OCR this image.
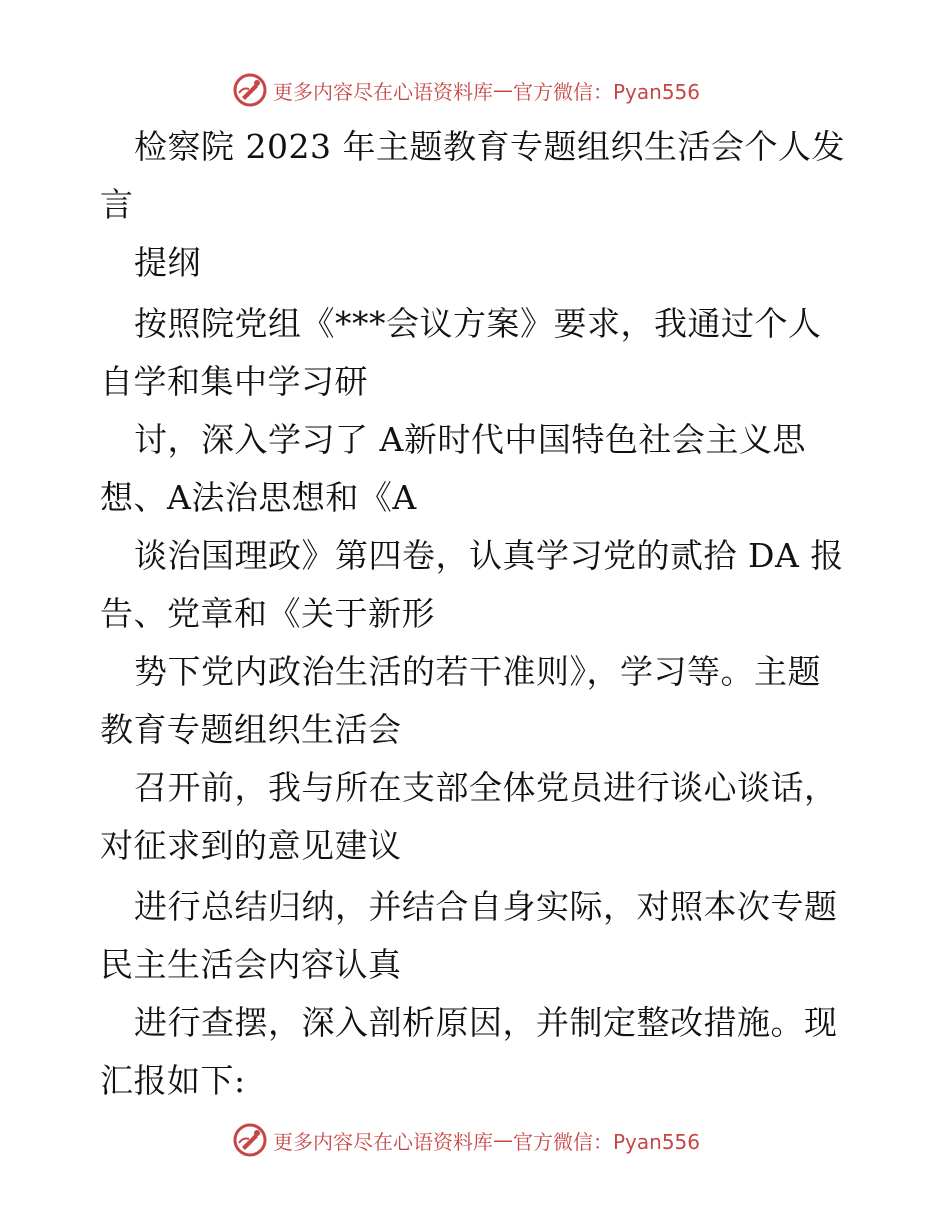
更多内容尽在心语资料库 — 官方微信：Pyan556
检察院 2023 年主题教育专题组织生活会个人发
言
提纲
按照院党组《***会议方案》要求，我通过个人
自学和集中学习研
讨，深入学习了 A新时代中国特色社会主义思
想、A法治思想和《A
谈治国理政》第四卷，认真学习党的贰拾 DA 报
告、党章和《关于新形
势下党内政治生活的若干准则》，学习等。主题
教育专题组织生活会
召开前，我与所在支部全体党员进行谈心谈话，
对征求到的意见建议
进行总结归纳，并结合自身实际，对照本次专题
民主生活会内容认真
进行查摆，深入剖析原因，并制定整改措施。现
汇报如下:
更多内容尽在心语资料库 — 官方微信：Pyan556
